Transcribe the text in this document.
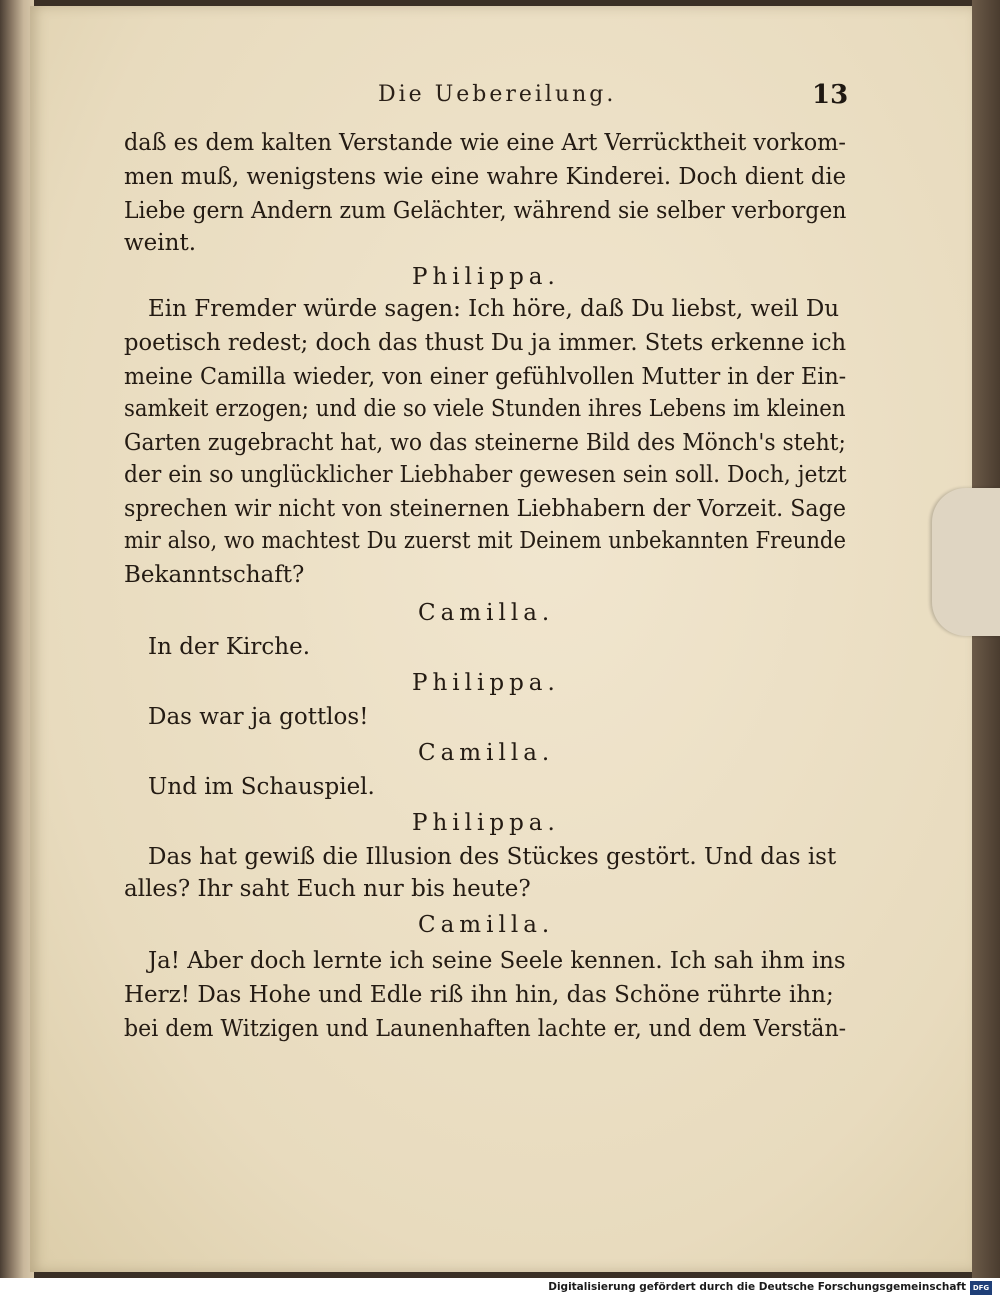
Die Uebereilung.	13
daß es dem kalten Verstande wie eine Art Verrücktheit vorkom-
men muß, wenigstens wie eine wahre Kinderei. Doch dient die
Liebe gern Andern zum Gelächter, während sie selber verborgen
weint.
Philippa.
Ein Fremder würde sagen: Ich höre, daß Du liebst, weil Du
poetisch redest; doch das thust Du ja immer. Stets erkenne ich
meine Camilla wieder, von einer gefühlvollen Mutter in der Ein-
samkeit erzogen; und die so viele Stunden ihres Lebens im kleinen
Garten zugebracht hat, wo das steinerne Bild des Mönch's steht;
der ein so unglücklicher Liebhaber gewesen sein soll. Doch, jetzt
sprechen wir nicht von steinernen Liebhabern der Vorzeit. Sage
mir also, wo machtest Du zuerst mit Deinem unbekannten Freunde
Bekanntschaft?
Camilla.
In der Kirche.
Philippa.
Das war ja gottlos!
Camilla.
Und im Schauspiel.
Philippa.
Das hat gewiß die Illusion des Stückes gestört. Und das ist
alles? Ihr saht Euch nur bis heute?
Camilla.
Ja! Aber doch lernte ich seine Seele kennen. Ich sah ihm ins
Herz! Das Hohe und Edle riß ihn hin, das Schöne rührte ihn;
bei dem Witzigen und Launenhaften lachte er, und dem Verstän-
Digitalisierung gefördert durch die Deutsche Forschungsgemeinschaft DFG
